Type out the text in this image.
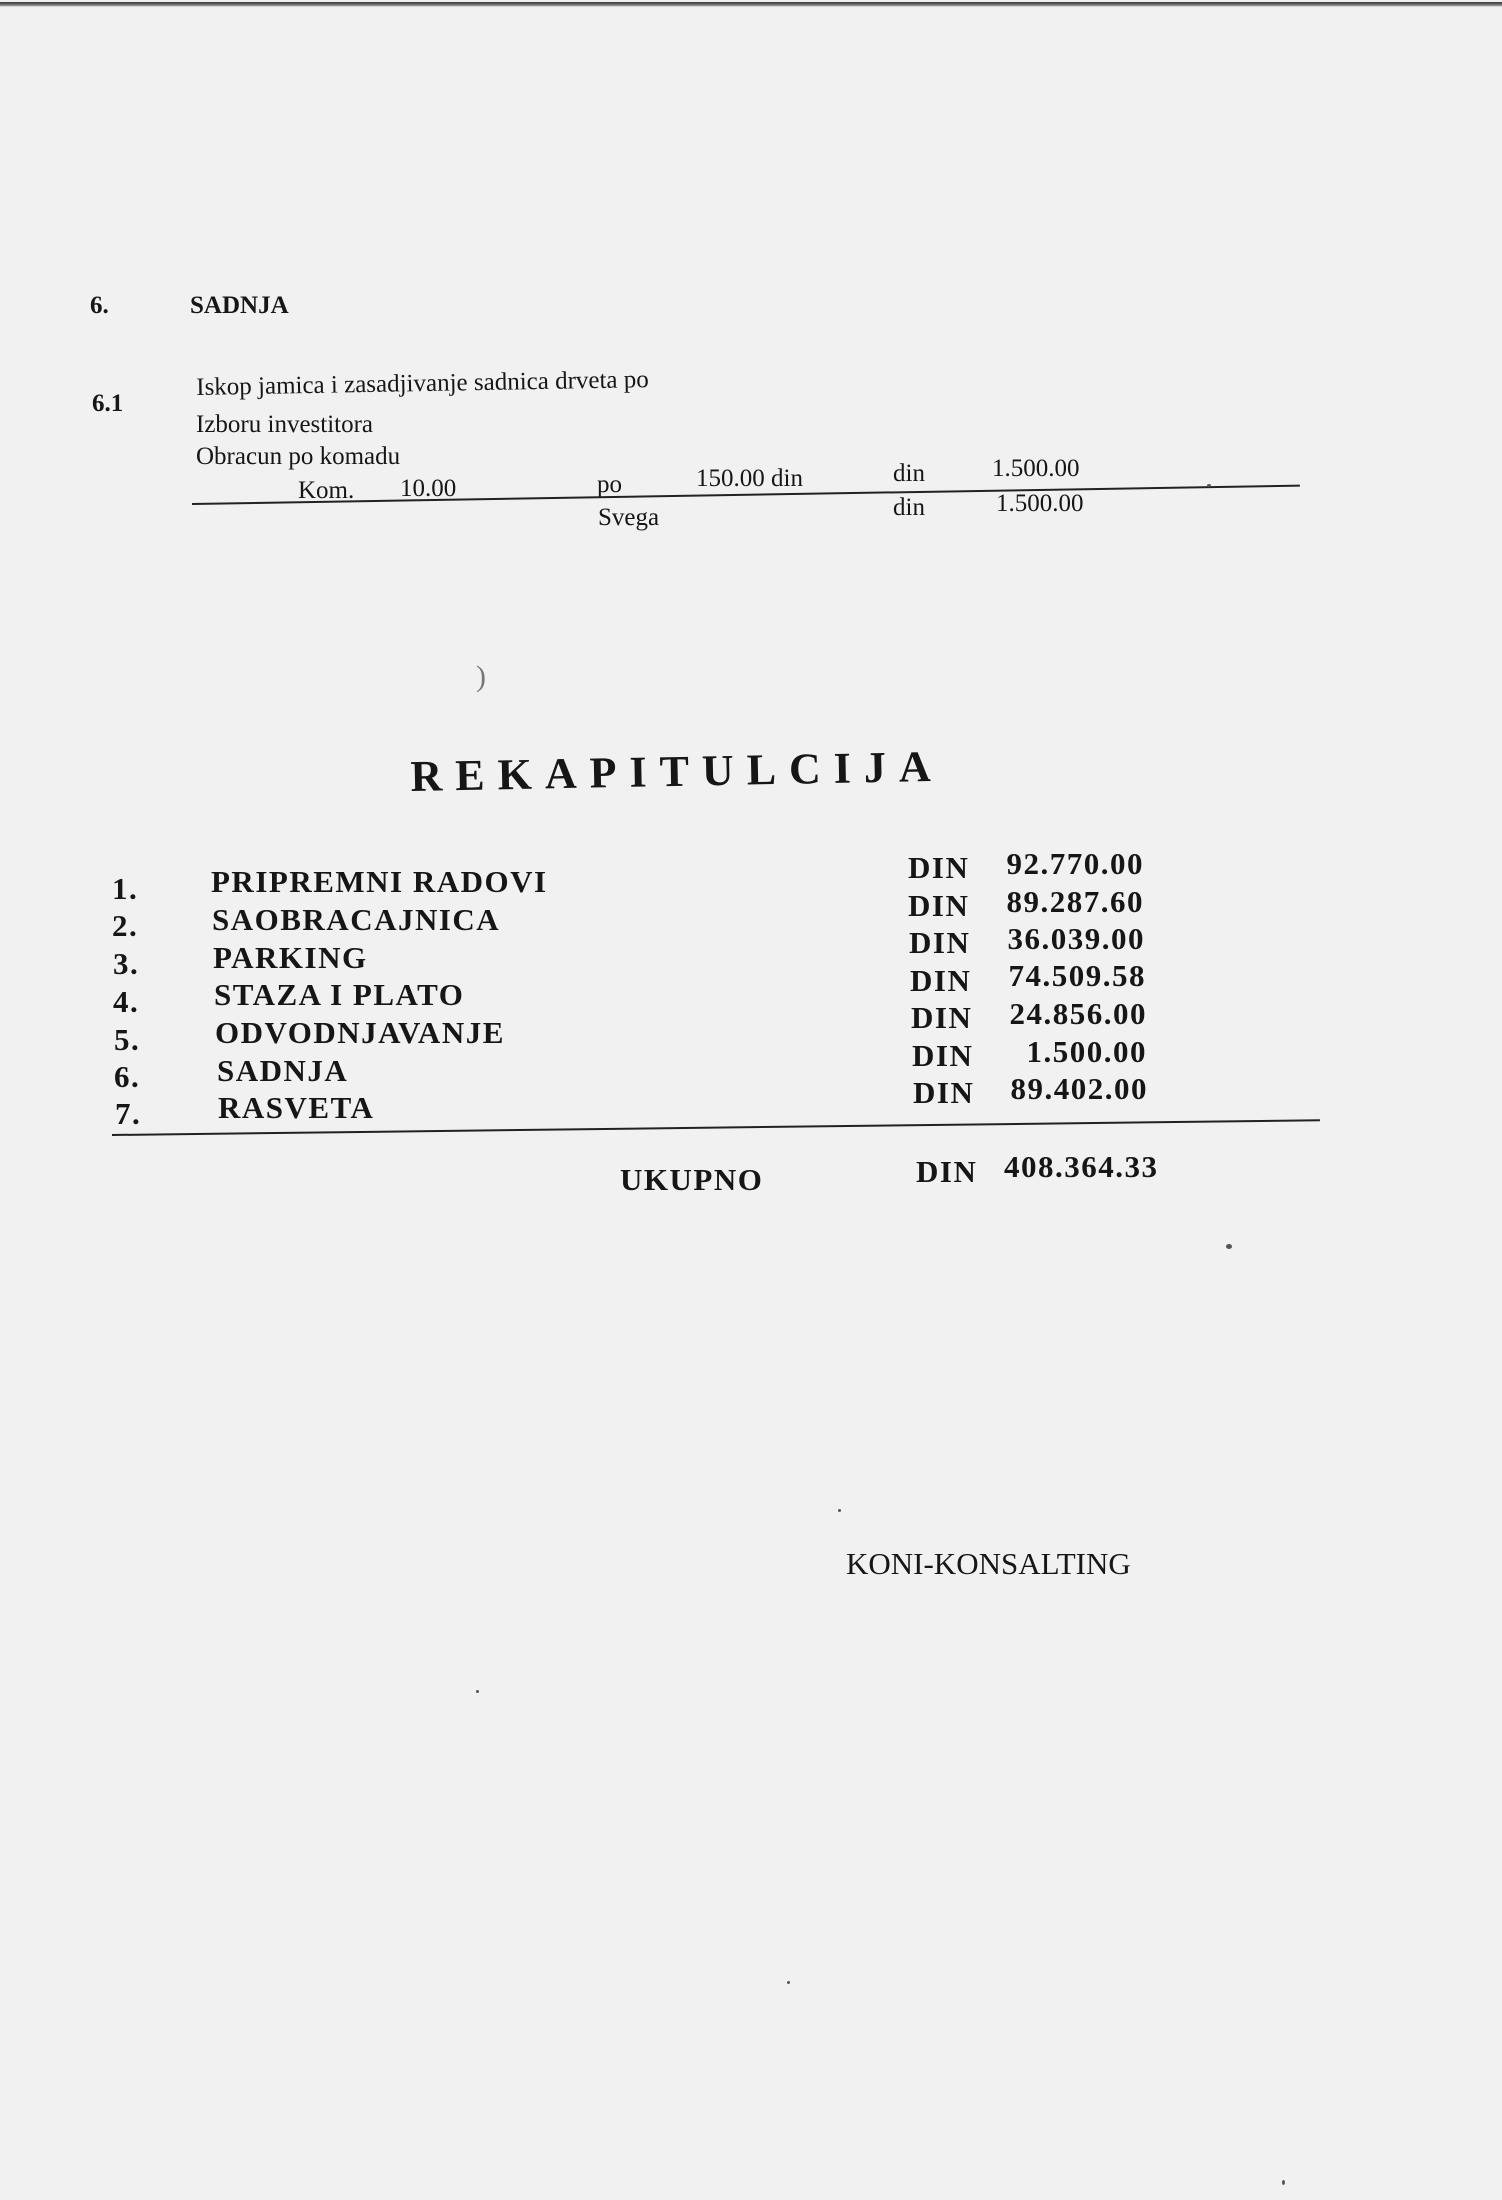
6.	SADNJA
6.1
Iskop jamica i zasadjivanje sadnica drveta po
Izboru investitora
Obracun po komadu
Kom. 10.00	po	150.00 din	din	1.500.00
Svega	din	1.500.00
)
REKAPITULCIJA
1. PRIPREMNI RADOVI	DIN 92.770.00
2. SAOBRACAJNICA	DIN 89.287.60
3. PARKING	DIN 36.039.00
4. STAZA I PLATO	DIN 74.509.58
5. ODVODNJAVANJE	DIN 24.856.00
6. SADNJA	DIN	1.500.00
7. RASVETA	DIN 89.402.00
UKUPNO	DIN 408.364.33
KONI-KONSALTING
